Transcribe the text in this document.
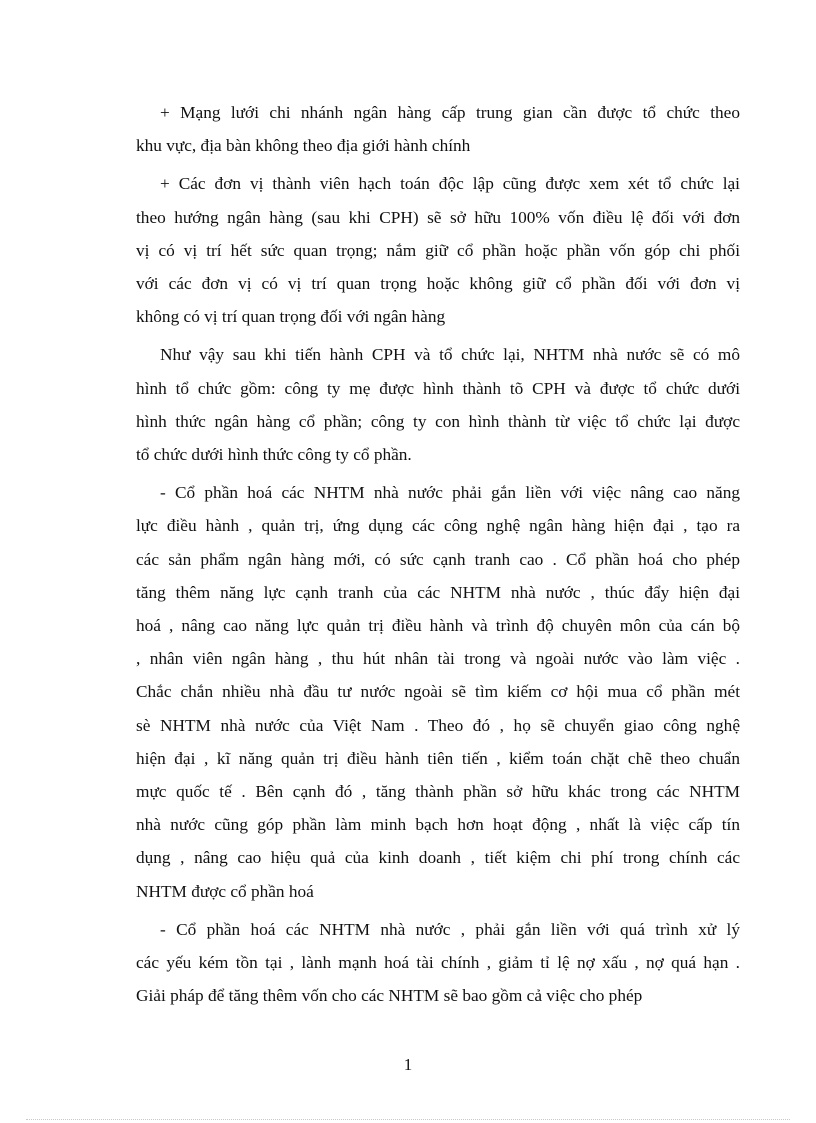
+ Mạng lưới chi nhánh ngân hàng cấp trung gian cần được tổ chức theo
khu vực, địa bàn không theo địa giới hành chính

+ Các đơn vị thành viên hạch toán độc lập cũng được xem xét tổ chức lại
theo hướng ngân hàng (sau khi CPH) sẽ sở hữu 100% vốn điều lệ đối với đơn
vị có vị trí hết sức quan trọng; nắm giữ cổ phần hoặc phần vốn góp chi phối
với các đơn vị có vị trí quan trọng hoặc không giữ cổ phần đối với đơn vị
không có vị trí quan trọng đối với ngân hàng

Như vậy sau khi tiến hành CPH và tổ chức lại, NHTM nhà nước sẽ có mô
hình tổ chức gồm: công ty mẹ được hình thành tõ CPH và được tổ chức dưới
hình thức ngân hàng cổ phần; công ty con hình thành từ việc tổ chức lại được
tổ chức dưới hình thức công ty cổ phần.

- Cổ phần hoá các NHTM nhà nước phải gắn liền với việc nâng cao năng
lực điều hành , quản trị, ứng dụng các công nghệ ngân hàng hiện đại , tạo ra
các sản phẩm ngân hàng mới, có sức cạnh tranh cao . Cổ phần hoá cho phép
tăng thêm năng lực cạnh tranh của các NHTM nhà nước , thúc đẩy hiện đại
hoá , nâng cao năng lực quản trị điều hành và trình độ chuyên môn của cán bộ
, nhân viên ngân hàng , thu hút nhân tài trong và ngoài nước vào làm việc .
Chắc chắn nhiều nhà đầu tư nước ngoài sẽ tìm kiếm cơ hội mua cổ phần mét
sè NHTM nhà nước của Việt Nam . Theo đó , họ sẽ chuyển giao công nghệ
hiện đại , kĩ năng quản trị điều hành tiên tiến , kiểm toán chặt chẽ theo chuẩn
mực quốc tế . Bên cạnh đó , tăng thành phần sở hữu khác trong các NHTM
nhà nước cũng góp phần làm minh bạch hơn hoạt động , nhất là việc cấp tín
dụng , nâng cao hiệu quả của kinh doanh , tiết kiệm chi phí trong chính các
NHTM được cổ phần hoá

- Cổ phần hoá các NHTM nhà nước , phải gắn liền với quá trình xử lý
các yếu kém tồn tại , lành mạnh hoá tài chính , giảm tỉ lệ nợ xấu , nợ quá hạn .
Giải pháp để tăng thêm vốn cho các NHTM sẽ bao gồm cả việc cho phép

1
